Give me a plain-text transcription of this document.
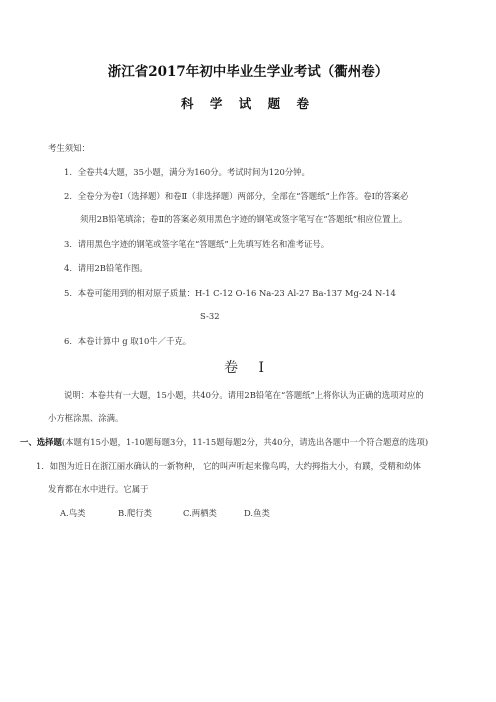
浙江省2017年初中毕业生学业考试（衢州卷）
科 学 试 题 卷
考生须知：
1．全卷共4大题，35小题，满分为160分。考试时间为120分钟。
2．全卷分为卷Ⅰ（选择题）和卷Ⅱ（非选择题）两部分，全部在“答题纸”上作答。卷Ⅰ的答案必
须用2B铅笔填涂；卷Ⅱ的答案必须用黑色字迹的钢笔或签字笔写在“答题纸”相应位置上。
3．请用黑色字迹的钢笔或签字笔在“答题纸”上先填写姓名和准考证号。
4．请用2B铅笔作图。
5．本卷可能用到的相对原子质量：H-1 C-12 O-16 Na-23 Al-27 Ba-137 Mg-24 N-14
S-32
6．本卷计算中 g 取10牛／千克。
卷 Ⅰ
说明：本卷共有一大题，15小题，共40分。请用2B铅笔在“答题纸”上将你认为正确的选项对应的
小方框涂黑、涂满。
一、选择题(本题有15小题，1-10题每题3分，11-15题每题2分，共40分，请选出各题中一个符合题意的选项)
1．如图为近日在浙江丽水确认的一新物种， 它的叫声听起来像鸟鸣，大约拇指大小，有蹼，受精和幼体
发育都在水中进行。它属于
A.鸟类	B.爬行类	C.两栖类	D.鱼类
